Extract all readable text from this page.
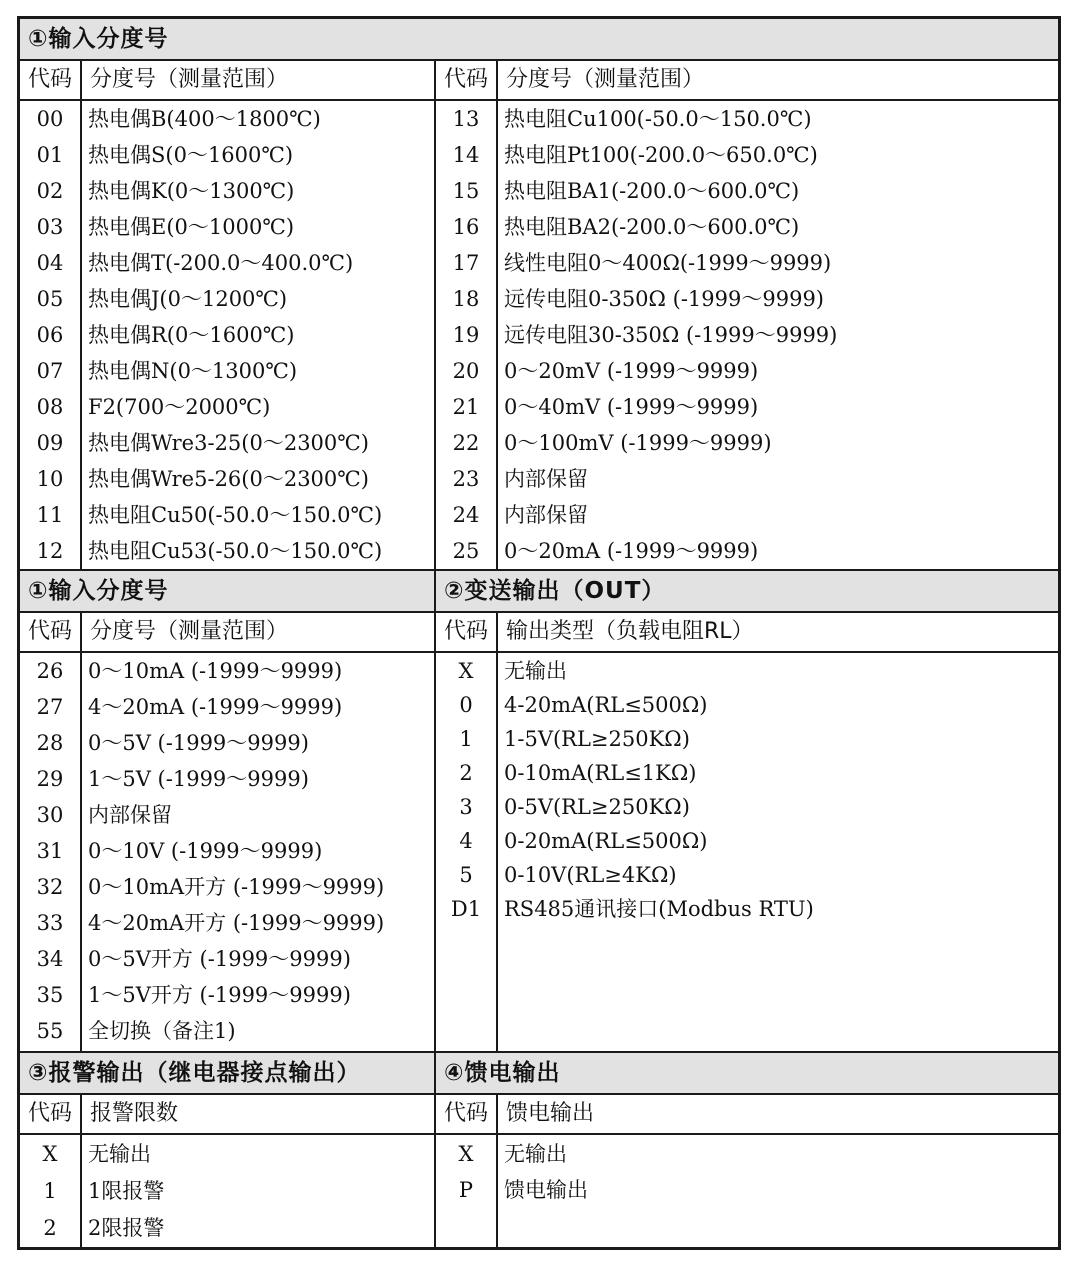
①输入分度号
代码 分度号（测量范围）	代码 分度号（测量范围）
00	热电偶B(400～1800℃)
01	热电偶S(0～1600℃)
02	热电偶K(0～1300℃)
03	热电偶E(0～1000℃)
04	热电偶T(-200.0～400.0℃)
05	热电偶J(0～1200℃)
06	热电偶R(0～1600℃)
07	热电偶N(0～1300℃)
08	F2(700～2000℃)
09	热电偶Wre3-25(0～2300℃)
10	热电偶Wre5-26(0～2300℃)
11	热电阻Cu50(-50.0～150.0℃)
12	热电阻Cu53(-50.0～150.0℃)
13	热电阻Cu100(-50.0～150.0℃)
14	热电阻Pt100(-200.0～650.0℃)
15	热电阻BA1(-200.0～600.0℃)
16	热电阻BA2(-200.0～600.0℃)
17	线性电阻0～400Ω(-1999～9999)
18	远传电阻0-350Ω (-1999～9999)
19	远传电阻30-350Ω (-1999～9999)
20	0～20mV (-1999～9999)
21	0～40mV (-1999～9999)
22	0～100mV (-1999～9999)
23	内部保留
24	内部保留
25	0～20mA (-1999～9999)
①输入分度号	②变送输出（OUT）
代码 分度号（测量范围）	代码 输出类型（负载电阻RL）
26	0～10mA (-1999～9999)
27	4～20mA (-1999～9999)
28	0～5V (-1999～9999)
29	1～5V (-1999～9999)
30	内部保留
31	0～10V (-1999～9999)
32	0～10mA开方 (-1999～9999)
33	4～20mA开方 (-1999～9999)
34	0～5V开方 (-1999～9999)
35	1～5V开方 (-1999～9999)
55	全切换（备注1)
X	无输出
0	4-20mA(RL≤500Ω)
1	1-5V(RL≥250KΩ)
2	0-10mA(RL≤1KΩ)
3	0-5V(RL≥250KΩ)
4	0-20mA(RL≤500Ω)
5	0-10V(RL≥4KΩ)
D1	RS485通讯接口(Modbus RTU)
③报警输出（继电器接点输出）	④馈电输出
代码 报警限数	代码 馈电输出
X	无输出
1	1限报警
2	2限报警
X	无输出
P	馈电输出
